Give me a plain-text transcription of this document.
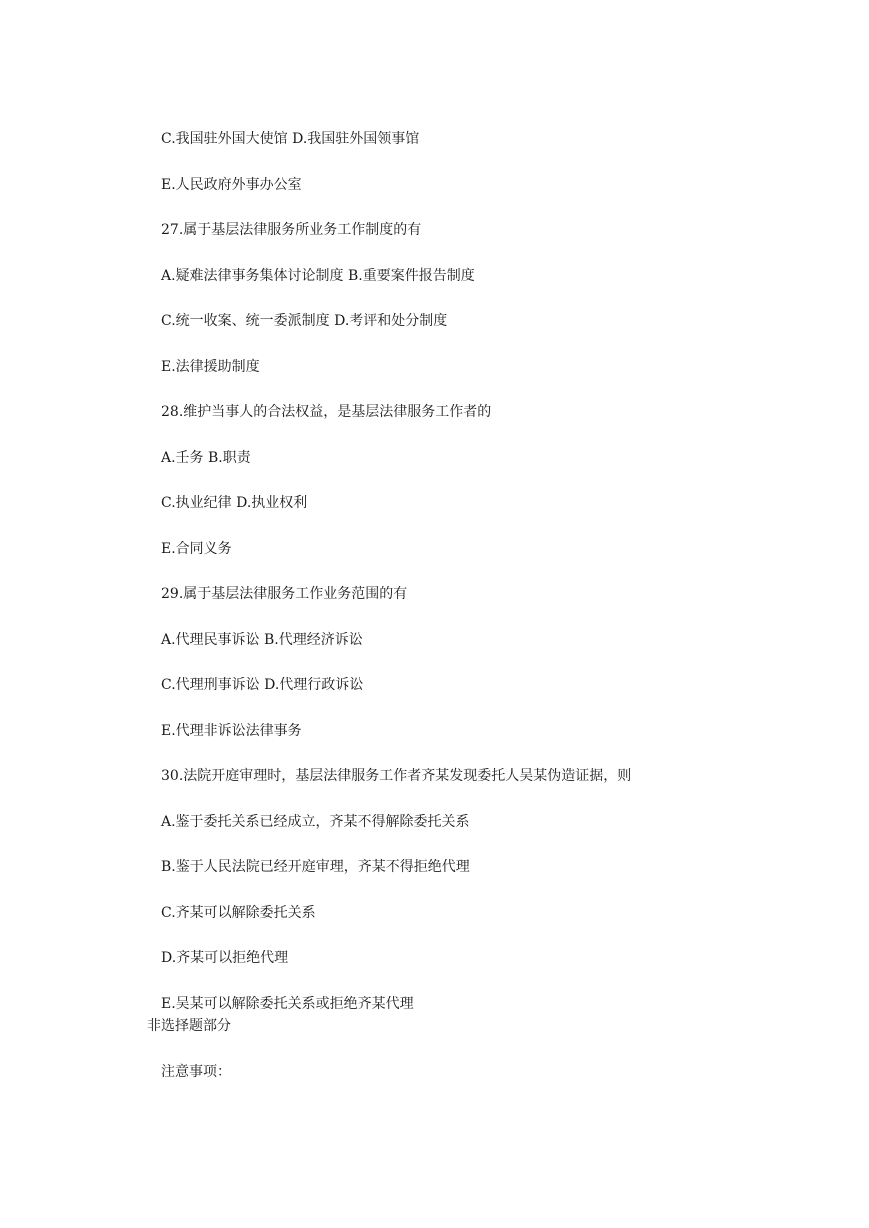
C.我国驻外国大使馆 D.我国驻外国领事馆
E.人民政府外事办公室
27.属于基层法律服务所业务工作制度的有
A.疑难法律事务集体讨论制度 B.重要案件报告制度
C.统一收案、统一委派制度 D.考评和处分制度
E.法律援助制度
28.维护当事人的合法权益，是基层法律服务工作者的
A.壬务 B.职责
C.执业纪律 D.执业权利
E.合同义务
29.属于基层法律服务工作业务范围的有
A.代理民事诉讼 B.代理经济诉讼
C.代理刑事诉讼 D.代理行政诉讼
E.代理非诉讼法律事务
30.法院开庭审理时，基层法律服务工作者齐某发现委托人吴某伪造证据，则
A.鉴于委托关系已经成立，齐某不得解除委托关系
B.鉴于人民法院已经开庭审理，齐某不得拒绝代理
C.齐某可以解除委托关系
D.齐某可以拒绝代理
E.吴某可以解除委托关系或拒绝齐某代理
非选择题部分
注意事项：
